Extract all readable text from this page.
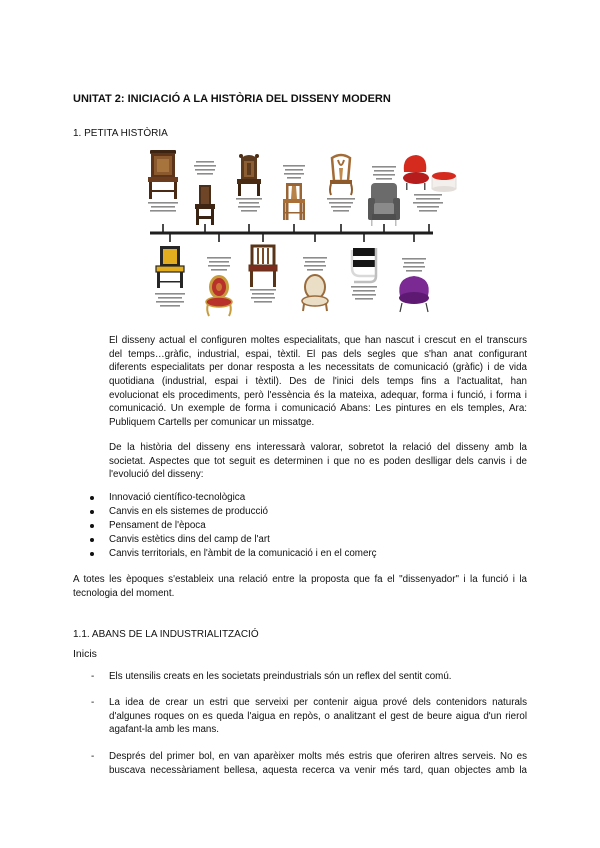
UNITAT 2: INICIACIÓ A LA HISTÒRIA DEL DISSENY MODERN
1. PETITA HISTÒRIA
El disseny actual el configuren moltes especialitats, que han nascut i crescut en el transcurs
del temps…gràfic, industrial, espai, tèxtil. El pas dels segles que s'han anat configurant
diferents especialitats per donar resposta a les necessitats de comunicació (gràfic) i de vida
quotidiana (industrial, espai i tèxtil). Des de l'inici dels temps fins a l'actualitat, han
evolucionat els procediments, però l'essència és la mateixa, adequar, forma i funció, i forma i
comunicació. Un exemple de forma i comunicació Abans: Les pintures en els temples, Ara:
Publiquem Cartells per comunicar un missatge.
De la història del disseny ens interessarà valorar, sobretot la relació del disseny amb la
societat. Aspectes que tot seguit es determinen i que no es poden deslligar dels canvis i de
l'evolució del disseny:
Innovació científico-tecnològica
Canvis en els sistemes de producció
Pensament de l'època
Canvis estètics dins del camp de l'art
Canvis territorials, en l'àmbit de la comunicació i en el comerç
A totes les èpoques s'estableix una relació entre la proposta que fa el "dissenyador" i la funció i la
tecnologia del moment.
1.1. ABANS DE LA INDUSTRIALITZACIÓ
Inicis
- Els utensilis creats en les societats preindustrials són un reflex del sentit comú.
- La idea de crear un estri que serveixi per contenir aigua prové dels contenidors naturals
d'algunes roques on es queda l'aigua en repòs, o analitzant el gest de beure aigua d'un rierol
agafant-la amb les mans.
- Després del primer bol, en van aparèixer molts més estris que oferiren altres serveis. No es
buscava necessàriament bellesa, aquesta recerca va venir més tard, quan objectes amb la
